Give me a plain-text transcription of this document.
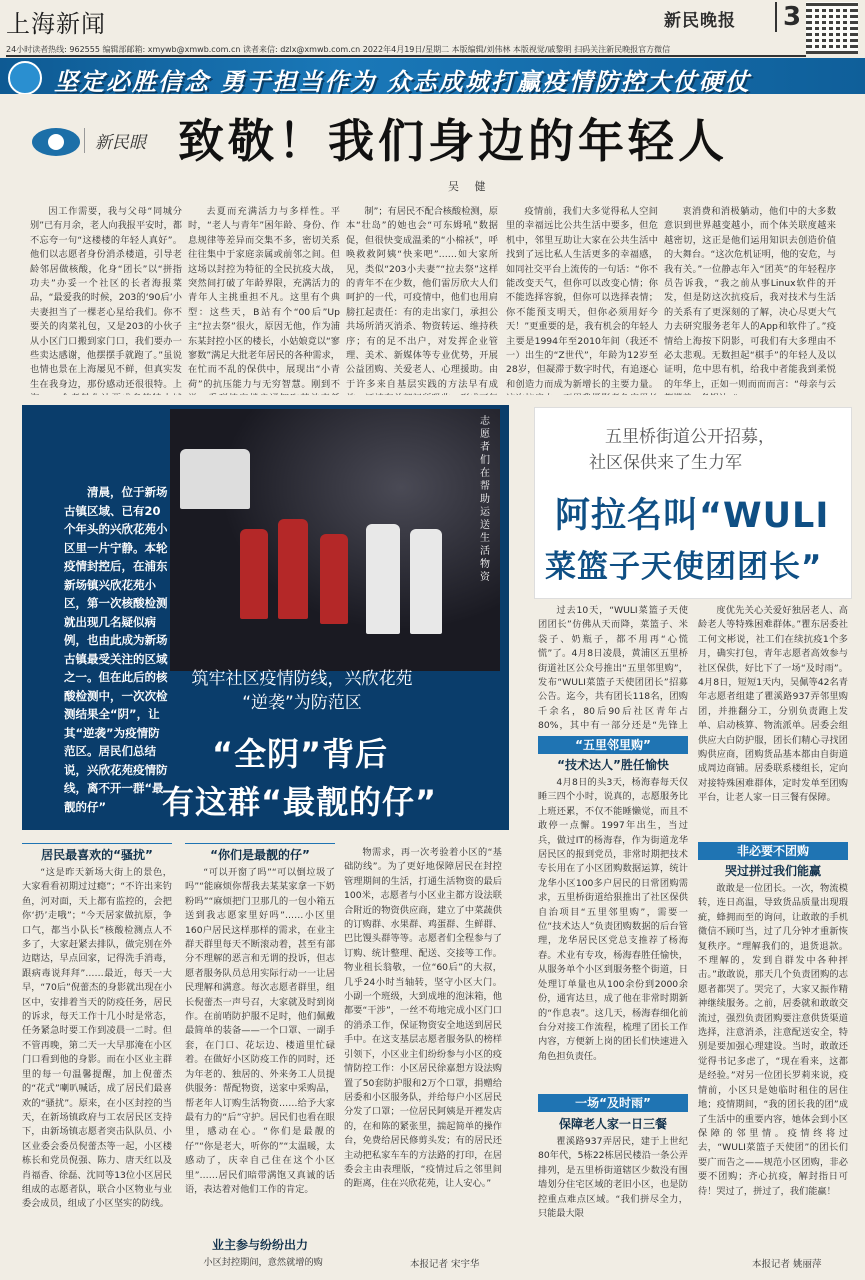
上海新闻	新民晚报	3
24小时读者热线: 962555 编辑部邮箱: xmywb@xmwb.com.cn 读者来信: dzlx@xmwb.com.cn 2022年4月19日/星期二 本版编辑/刘伟林 本版视觉/戚黎明 扫码关注新民晚报官方微信
坚定必胜信念 勇于担当作为 众志成城打赢疫情防控大仗硬仗
新民眼 致敬！我们身边的年轻人
吴 健
因工作需要，我与父母“同城分别”已有月余，老人向我报平安时，都不忘夸一句“这楼楼的年轻人真好”。他们以志愿者身份消杀楼道，引导老龄邻居做核酸，化身“团长”以“拼指功夫”办妥一个社区的长者海报菜品，“最爱我的时候，203的‘90后’小夫妻担当了一棵老心星给我们。你不要关的肉菜礼包，又是203的小伙子从小区门口搬到家门口，我们要办一些卖达感谢，他摆摆手就跑了。”虽说也情也景在上海屡见不鲜，但真实发生在我身边，那份感动还很很特。上
去夏而充满活力与多样性。平时，“老人与青年”困年龄、身份、作息规律等差异而交集不多，密切关系往往集中于家庭亲属或前邻之间。但这场以封控为特征的全民抗疫大战，突然间打破了年龄界限，充满活力的青年人主挑重担不凡。这里有个典型：这些天，B站有个“00后”Up主“拉去祭”很火，原因无他，作为浦东某封控小区的楼长，小姑娘竟以“寥寥数”满足大批老年居民的各种需求，在忙而不乱的保供中，展现出“小青荷”的抗压能力与无穷智慧。刚到不
制”；有居民不配合核酸检测，原本“壮岛”的她也会“可东姆吼”数据促，但很快变成温柔的“小棉袄”，呼唤救救阿姨“快来吧”……如大家所见，类似“203小夫妻”“拉去祭”这样的青年不在少数，他们雷厉欣大人们呵护的一代，可疫情中，他们也用肩膀扛起责任：有的走出家门，承担公共场所消灭消杀、物资转运、维持秩序；有的足不出户，对发挥企业管理、美术、新媒体等专业优势，开展公益团购、关爱老人、心理援助。由于许多来自基层实践的方法早有成
疫情前，我们大多觉得私人空间里的幸福远比公共生活中要多，但危机中，邻里互助让大家在公共生活中找到了远比私人生活更多的幸福感，如同社交平台上流传的一句话：“你不能改变天气，但你可以改变心情；你不能选择容貌，但你可以选择表情；你不能预支明天，但你必须用好今天！”更重要的是，我有机会的年轻人主要是1994年至2010年间（我还不一）出生的“Z世代”，年龄为12岁至28岁，但凝滞于数字时代，有追逐心和创造力而成为新增长的主要力量。
衷消费和消极躺动，他们中的大多数意识到世界越变越小，而个体关联度越来越密切，这正是他们运用知识去创造价值的大舞台。“这次危机证明，他的安危，与我有关。”一位静志年入“团英”的年轻程序员告诉我，“我之前从事Linux软件的开发，但是防这次抗疫后，我对技术与生活的关系有了更深刻的了解，决心尽更大气力去研究服务老年人的App和软件了。”疫情给上海按下阴影，可我们有大多理由不必太悲观。无数担起“棋手”的年轻人及以证明，危中思有机，给我中者能我到柔悦的年华上，正如一则而而而言：“母亲与云
志愿者们在帮助运送生活物资
清晨，位于新场古镇区域、已有20个年头的兴欣花苑小区里一片宁静。本轮疫情封控后，在浦东新场镇兴欣花苑小区，第一次核酸检测就出现几名疑似病例，也由此成为新场古镇最受关注的区域之一。但在此后的核酸检测中，一次次检测结果全“阴”，让其“逆袭”为疫情防范区。居民们总结说，兴欣花苑疫情防线，离不开一群“最靓的仔”
筑牢社区疫情防线，兴欣花苑
“逆袭”为防范区
“全阴”背后
有这群“最靓的仔”
五里桥街道公开招募，
社区保供来了生力军
阿拉名叫“WULI
菜篮子天使团团长”
过去10天，“WULI菜篮子天使团团长”仿佛从天而降，菜篮子、米袋子、奶瓶子，都不用再“心慌慌”了。4月8日凌晨，黄浦区五里桥街道社区公众号推出“五里邻里购”，发布“WULI菜篮子天使团团长”招募公告。迄今，共有团长118名，团购千余名，80后90后社区青年占80%，其中有一部分还是“先锋上
“五里邻里购”
“技术达人”胜任愉快
4月8日的头3天，杨海春每天仅睡三四个小时，说真的，志愿服务比上班还累，不仅不能睡懒觉，而且不敢停一点懈。1997年出生，当过兵，做过IT的杨海春，作为街道龙华居民区的报到党员，非常时期把技术专长用在了小区团购数据运算，统计龙华小区100多户居民的日常团购需求，五里桥街道给狠推出了社区保供自治项目“五里邻里购”，需要一位“技术达人”负责团购数据的后台管理，龙华居民区党总支推荐了杨海春。术业有专攻，杨海春胜任愉快，从服务单个小区到服务整个街道，日处理订单量也从100余份到2000余份，通宵达旦，成了他在非常时期新的“作息表”。这几天，杨海春细化前台分对接工作流程，梳理了团长工作内容，方便新上岗的团长们快速进入角色担负责任。
一场“及时雨”
保障老人家一日三餐
瞿溪路937弄居民，建于上世纪80年代，5栋22栋居民楼沿一条公弄排列，是五里桥街道辖区少数没有围墙划分住宅区域的老旧小区，也是防控重点难点区域。“我们拼尽全力，只能最大限
度优先关心关爱好独居老人、高龄老人等特殊困难群体。”瞿东居委社工何文彬说，社工们在续抗疫1个多月，确实打包，青年志愿者高效参与社区保供，好比下了一场“及时雨”。4月8日，短短1天内，吴佩等42名青年志愿者组建了瞿溪路937弄邻里购团，并推翻分工，分别负责跑上发单、启动核算、物流派单。居委会组供应大白防护服，团长们精心寻找团购供应商，团购货品基本都由自街道成周边商铺。居委联系楼组长，定向对接特殊困难群体，定时发单至团购平台，让老人家一日三餐有保障。
非必要不团购
哭过拼过我们能赢
敢敢是一位团长。一次，物流模转，连日高温，导致货品质量出现瑕疵，蜂拥而至的询问，让敢敢的手机微信不顾叮当，过了几分钟才重新恢复秩序。“理解我们的，退货退款。不理解的，发到自群发中各种抨击。”敢敢说，那天几个负责团购的志愿者都哭了。哭完了，大家又振作精神继续服务。之前，居委就和敢敢交流过，强烈负责团购要注意供货渠道选择，注意消杀，注意配送安全，特别是要加强心理建设。当时，敢敢还觉得书记多虑了，“现在看来，这都是经验。”对另一位团长罗莉来说，疫情前，小区只是她临时租住的居住地；疫情期间，“我的团长我的团”成了生活中的重要内容，她体会到小区保障的邻里情。疫情终将过去，“WULI菜篮子天使团”的团长们要广而告之——规范小区团购，非必要不团购；齐心抗疫，解封指日可待！哭过了，拼过了，我们能赢！
本报记者 姚丽萍
居民最喜欢的“骚扰”
“这是昨天新场大街上的景色，大家看看初期过过瘾”；“不许出来钓鱼，河对面，天上都有监控的，会把你‘扔’走哦”；“今天居家做抗原，争口气，都当小队长”核酸检测点人不多了，大家赶紧去排队，做完别在外边瞎达，早点回家，记得洗手消毒，跟病毒说拜拜”……最近，每天一大早，“70后”倪蕾杰的身影就出现在小区中，安排着当天的防疫任务，居民的诉求，每天工作十几小时是常态，任务紧急时要工作到凌晨一二时。但不管再晚，第二天一大早那淹在小区门口看到他的身影。而在小区业主群里的每一句温馨提醒，加上倪蕾杰的“花式”喇叭喊话，成了居民们最喜欢的“骚扰”。原来，在小区封控的当天，在新场镇政府与工农居民区支持下，由新场镇志愿者突击队队员、小区业委会委员倪蕾杰等一起，小区楼栋长和党员倪强、陈力、唐天红以及肖福香、徐磊、沈同等13位小区居民组成的志愿者队，联合小区物业与业委会成员，组成了小区坚实的防线。
“你们是最靓的仔”
“可以开窗了吗”“可以倒垃圾了吗”“能麻烦你帮我去某某家拿一下奶粉吗”“麻烦把门卫那几的一包小箱五送到我志愿家里好吗”……小区里160户居民这样那样的需求，在业主群天群里每天不断滚动着，甚至有部分不理解的恶言和无谓的投诉，但志愿者服务队员总用实际行动一一让居民理解和满意。每次志愿者群里，组长倪蕾杰一声号召，大家就及时到岗作。在前哨防护服不足时，他们佩戴最简单的装备——一个口罩、一副手套，在门口、花坛边、楼道里忙碌着。在做好小区防疫工作的同时，还为年老的、独居的、外来务工人员提供服务：帮配物资，送家中采购品，帮老年人订购生活物资……给予大家最有力的“后”守护。居民们也看在眼里，感动在心。“你们是最靓的仔”“你是老大，听你的”“太温暖，太感动了，庆幸自己住在这个小区里”……居民们暗带满饱又真诚的话语，表达着对他们工作的肯定。
业主参与纷纷出力
小区封控期间，意然就增的购
物需求，再一次考验着小区的“基础防线”。为了更好地保障居民在封控管理期间的生活，打通生活物资的最后100米，志愿者与小区业主都方设法联合附近的物资供应商，建立了中菜蔬供的订购群、水果群、鸡蛋群、生鲜群、巴比馒头群等等。志愿者们全程参与了订购、统计整理、配送、交接等工作。物业租长翁敬，一位“60后”的大叔，几乎24小时当轴转，坚守小区大门。小副一个班级，大到成堆的泡沫箱，他都要“干涉”，一丝不苟地完成小区门口的消杀工作，保证物资安全地送到居民手中。在这支基层志愿者服务队的榜样引领下，小区业主们纷纷参与小区的疫情防控工作：小区居民徐嘉想方设法购置了50套防护服和2万个口罩，捐赠给居委和小区服务队，并给每户小区居民分发了口罩；一位居民阿姨是开裡发店的，在和陈的紧张里，揣起简单的操作台，免费给居民修剪头发；有的居民还主动把私家车车的方法路的打印，在居委会主由表理版，“疫情过后之邻里间的距离，住在兴欣花苑，让人安心。”
本报记者 宋宇华
